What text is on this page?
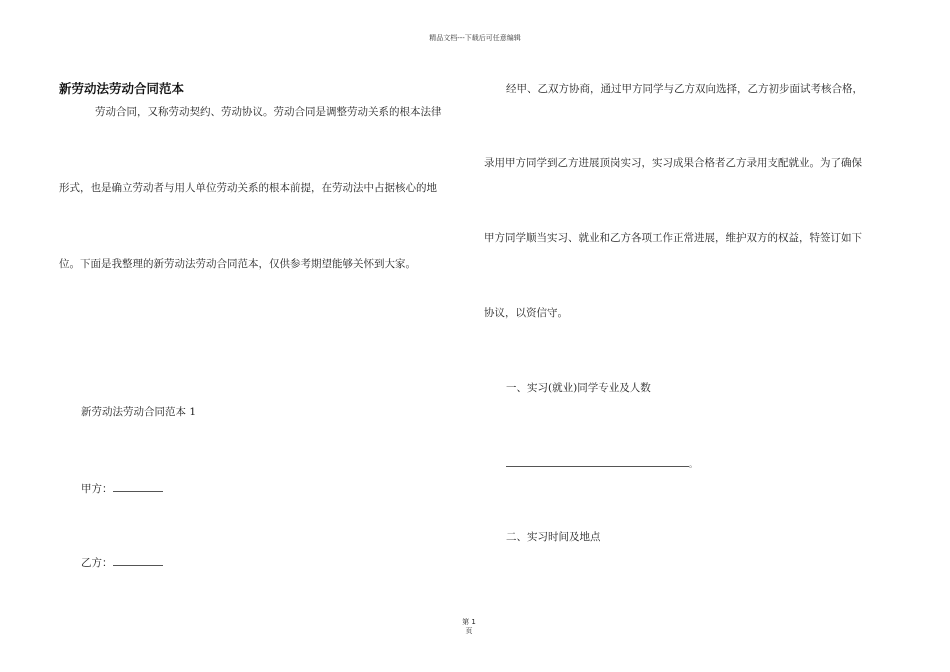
精品文档---下载后可任意编辑
新劳动法劳动合同范本
劳动合同，又称劳动契约、劳动协议。劳动合同是调整劳动关系的根本法律
形式，也是确立劳动者与用人单位劳动关系的根本前提，在劳动法中占据核心的地
位。下面是我整理的新劳动法劳动合同范本，仅供参考期望能够关怀到大家。
新劳动法劳动合同范本 1
甲方：
乙方：
经甲、乙双方协商，通过甲方同学与乙方双向选择，乙方初步面试考核合格，
录用甲方同学到乙方进展顶岗实习，实习成果合格者乙方录用支配就业。为了确保
甲方同学顺当实习、就业和乙方各项工作正常进展，维护双方的权益，特签订如下
协议，以资信守。
一、实习(就业)同学专业及人数
。
二、实习时间及地点
第 1
页
